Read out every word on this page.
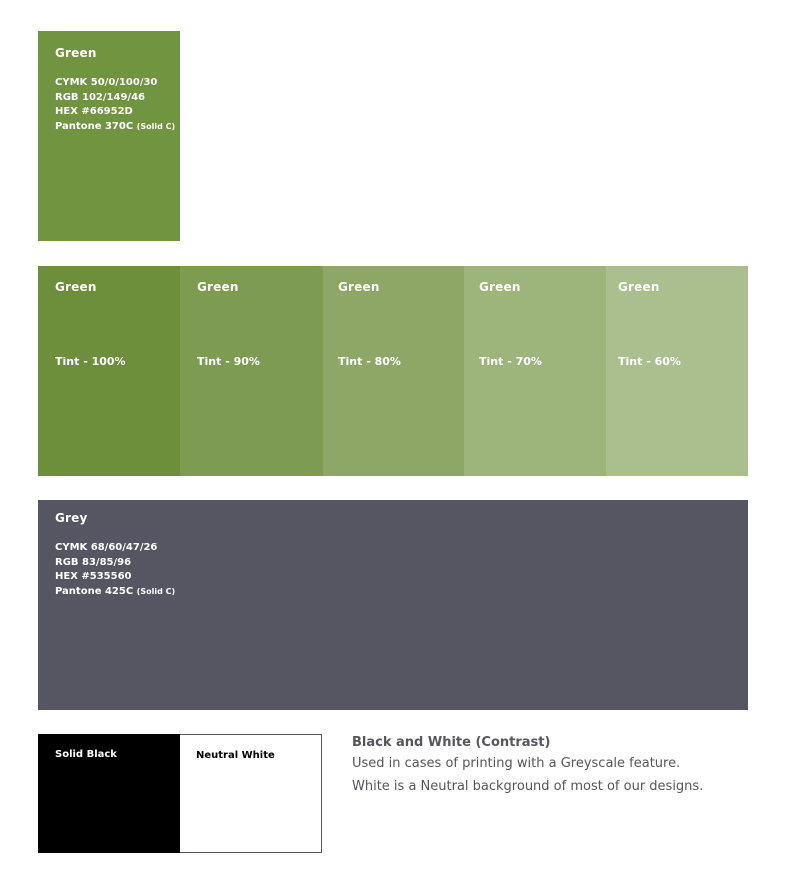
Green
CYMK 50/0/100/30
RGB 102/149/46
HEX #66952D
Pantone 370C (Solid C)
Green
Tint - 100%
Green
Tint - 90%
Green
Tint - 80%
Green
Tint - 70%
Green
Tint - 60%
Grey
CYMK 68/60/47/26
RGB 83/85/96
HEX #535560
Pantone 425C (Solid C)
Solid Black	Neutral White
Black and White (Contrast)
Used in cases of printing with a Greyscale feature.
White is a Neutral background of most of our designs.
